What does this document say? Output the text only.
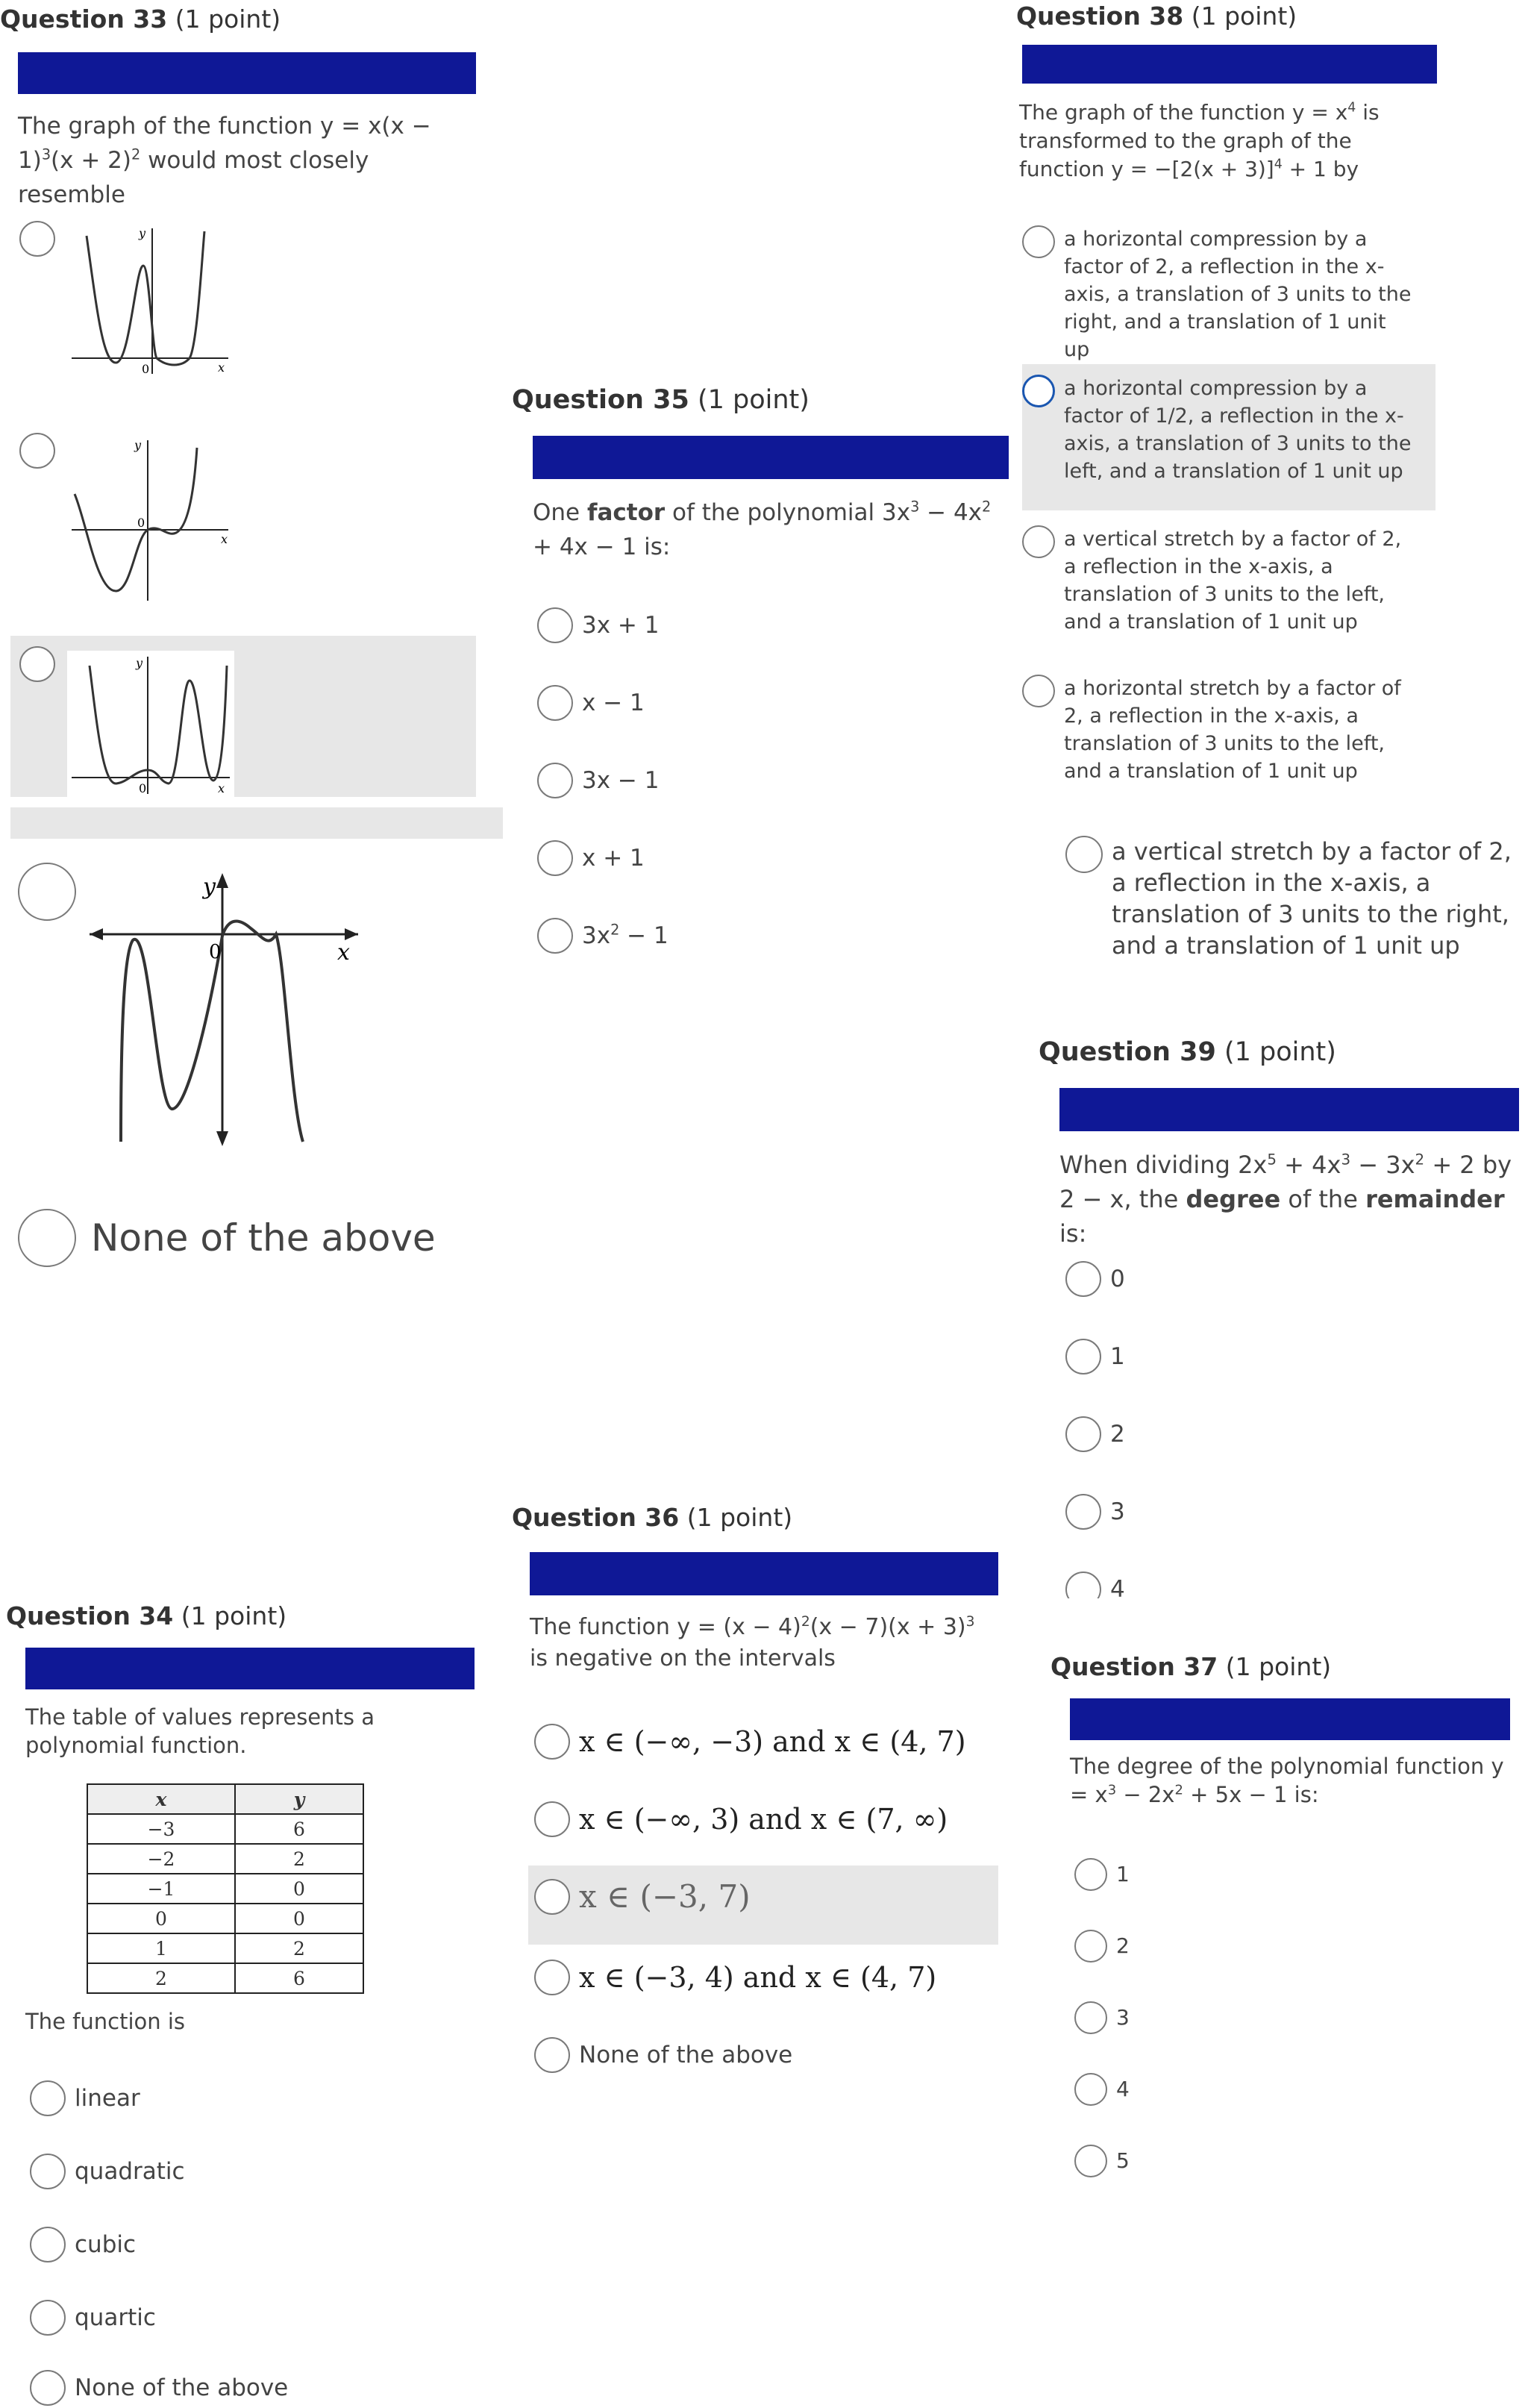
Question 33 (1 point)
The graph of the function $y = x(x - 1)^3(x + 2)^2$ would most closely resemble
y
0	x
y
0
x
y
0	x
y
0	x
None of the above
Question 34 (1 point)
The table of values represents a polynomial function.
x	y
−3	6
−2	2
−1	0
0	0
1	2
2	6
The function is
linear
quadratic
cubic
quartic
None of the above
Question 35 (1 point)
One factor of the polynomial $3x^3 - 4x^2 + 4x - 1$ is:
3x + 1
x − 1
3x − 1
x + 1
$3x^2 - 1$
Question 36 (1 point)
The function $y = (x - 4)^2(x - 7)(x + 3)^3$ is negative on the intervals
x ∈ (−∞, −3) and x ∈ (4, 7)
x ∈ (−∞, 3) and x ∈ (7, ∞)
x ∈ (−3, 7)
x ∈ (−3, 4) and x ∈ (4, 7)
None of the above
Question 38 (1 point)
The graph of the function $y = x^4$ is transformed to the graph of the function $y = -[2(x + 3)]^4 + 1$ by
a horizontal compression by a factor of 2, a reflection in the x-axis, a translation of 3 units to the right, and a translation of 1 unit up
a horizontal compression by a factor of 1/2, a reflection in the x-axis, a translation of 3 units to the left, and a translation of 1 unit up
a vertical stretch by a factor of 2, a reflection in the x-axis, a translation of 3 units to the left, and a translation of 1 unit up
a horizontal stretch by a factor of 2, a reflection in the x-axis, a translation of 3 units to the left, and a translation of 1 unit up
a vertical stretch by a factor of 2, a reflection in the x-axis, a translation of 3 units to the right, and a translation of 1 unit up
Question 39 (1 point)
When dividing $2x^5 + 4x^3 - 3x^2 + 2$ by 2 − x, the degree of the remainder is:
0
1
2
3
4
Question 37 (1 point)
The degree of the polynomial function $y = x^3 - 2x^2 + 5x - 1$ is:
1
2
3
4
5
